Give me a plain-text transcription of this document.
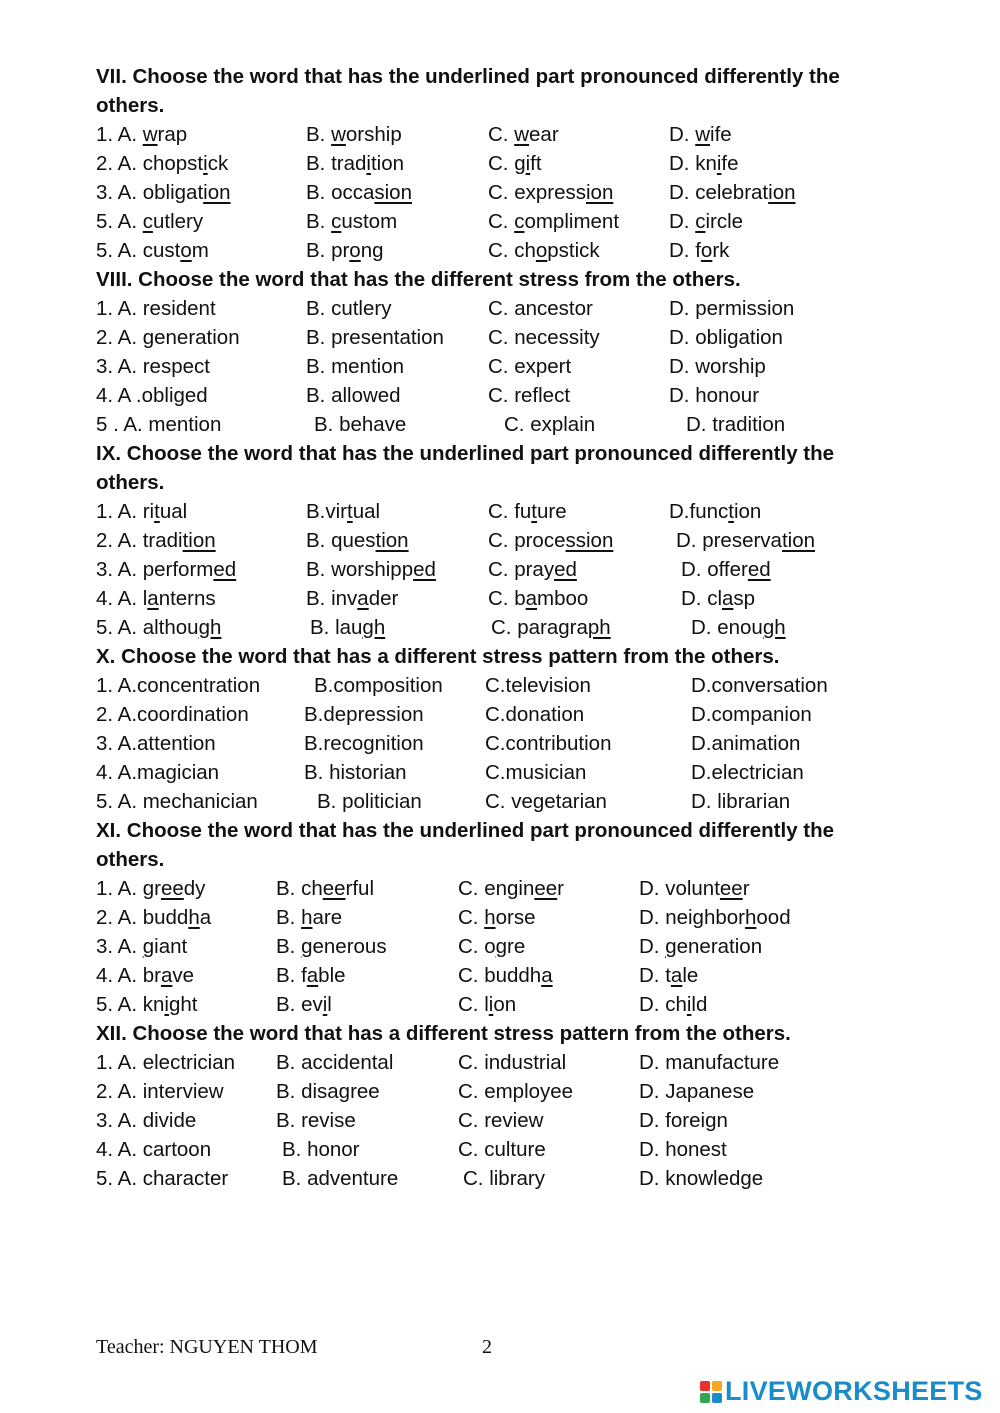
VII. Choose the word that has the underlined part pronounced differently the
others.
1. A. wrap	B. worship	C. wear	D. wife
2. A. chopstick	B. tradition	C. gift	D. knife
3. A. obligation	B. occasion	C. expression	D. celebration
5. A. cutlery	B. custom	C. compliment D. circle
5. A. custom	B. prong	C. chopstick	D. fork
VIII. Choose the word that has the different stress from the others.
1. A. resident	B. cutlery	C. ancestor	D. permission
2. A. generation	B. presentation C. necessity	D. obligation
3. A. respect	B. mention	C. expert	D. worship
4. A .obliged	B. allowed	C. reflect	D. honour
5 . A. mention	B. behave	C. explain	D. tradition
IX. Choose the word that has the underlined part pronounced differently the
others.
1. A. ritual	B.virtual	C. future	D.function
2. A. tradition	B. question	C. procession	D. preservation
3. A. performed	B. worshipped	C. prayed	D. offered
4. A. lanterns	B. invader	C. bamboo	D. clasp
5. A. although	B. laugh	C. paragraph	D. enough
X. Choose the word that has a different stress pattern from the others.
1. A.concentration	B.composition C.television	D.conversation
2. A.coordination	B.depression	C.donation	D.companion
3. A.attention	B.recognition	C.contribution	D.animation
4. A.magician	B. historian	C.musician	D.electrician
5. A. mechanician	B. politician	C. vegetarian	D. librarian
XI. Choose the word that has the underlined part pronounced differently the
others.
1. A. greedy	B. cheerful	C. engineer	D. volunteer
2. A. buddha	B. hare	C. horse	D. neighborhood
3. A. giant	B. generous	C. ogre	D. generation
4. A. brave	B. fable	C. buddha	D. tale
5. A. knight	B. evil	C. lion	D. child
XII. Choose the word that has a different stress pattern from the others.
1. A. electrician B. accidental	C. industrial	D. manufacture
2. A. interview	B. disagree	C. employee	D. Japanese
3. A. divide	B. revise	C. review	D. foreign
4. A. cartoon	B. honor	C. culture	D. honest
5. A. character	B. adventure	C. library	D. knowledge
Teacher: NGUYEN THOM	2
LIVEWORKSHEETS
